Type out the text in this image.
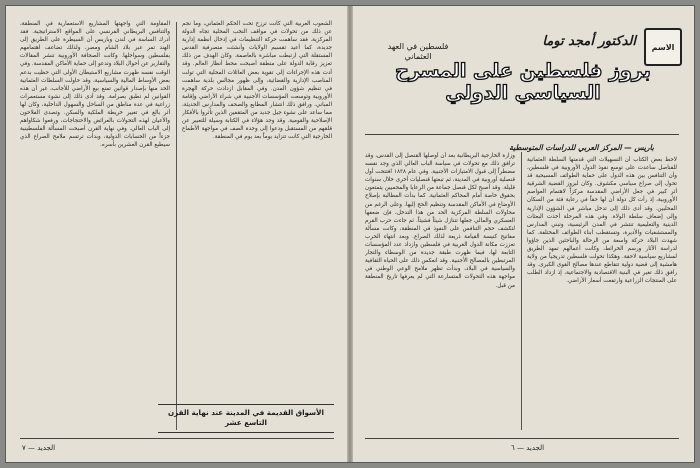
المقاومة التي واجهتها المشاريع الاستعمارية في المنطقة، والتنافس البريطاني الفرنسي على المواقع الاستراتيجية. فقد أدرك الساسة في لندن وباريس أن السيطرة على الطريق إلى الهند تمر عبر بلاد الشام ومصر، ولذلك تضاعف اهتمامهم بفلسطين وسواحلها. وكانت الصحافة الأوروبية تنشر المقالات والتقارير عن أحوال البلاد وتدعو إلى حماية الأماكن المقدسة. وفي الوقت نفسه ظهرت مشاريع الاستيطان الأولى التي حظيت بدعم بعض الأوساط المالية والسياسية، وقد حاولت السلطات العثمانية الحد منها بإصدار قوانين تمنع بيع الأراضي للأجانب، غير أن هذه القوانين لم تطبق بصرامة. وقد أدى ذلك إلى نشوء مستعمرات زراعية في عدة مناطق من الساحل والسهول الداخلية، وكان لها أثر بالغ في تغيير خريطة الملكية والسكن. وتصدى الفلاحون والأعيان لهذه التحولات بالعرائض والاحتجاجات، ورفعوا شكاواهم إلى الباب العالي. وفي نهاية القرن أصبحت المسألة الفلسطينية جزءاً من الحسابات الدولية، وبدأت ترتسم ملامح الصراع الذي سيطبع القرن العشرين بأسره.
الشعوب العربية التي كانت ترزح تحت الحكم العثماني، وما نجم عن ذلك من تحولات في مواقف النخب المحلية تجاه الدولة المركزية. فقد ساهمت حركة التنظيمات في إدخال أنظمة إدارية جديدة، كما أعيد تقسيم الولايات وأنشئت متصرفية القدس المستقلة التي ارتبطت مباشرة بالعاصمة. وكان الهدف من ذلك تعزيز رقابة الدولة على منطقة أصبحت محط أنظار العالم. وقد أدت هذه الإجراءات إلى تقوية بعض العائلات المحلية التي تولت المناصب الإدارية والقضائية، وإلى ظهور مجالس بلدية ساهمت في تنظيم شؤون المدن. وفي المقابل ازدادت حركة الهجرة الأوروبية وتوسعت المؤسسات الأجنبية في شراء الأراضي وإقامة المباني. ورافق ذلك انتشار المطابع والصحف والمدارس الحديثة، مما ساعد على نشوء جيل جديد من المثقفين الذين تأثروا بالأفكار الإصلاحية والقومية. وقد وجد هؤلاء في الكتابة وسيلة للتعبير عن قلقهم من المستقبل ودعوا إلى وحدة الصف في مواجهة الأطماع الخارجية التي كانت تتزايد يوماً بعد يوم في المنطقة.
الأسواق القديمة في المدينة عند نهاية القرن التاسع عشر
الجديد — ٧
الاسم
الدكتور أمجد توما
فلسطين في العهد العثماني
بروز فلسطين على المسرح السياسي الدولي
باريس — المركز العربي للدراسات المتوسطية
لاحظ بعض الكتاب أن التسهيلات التي قدمتها السلطة العثمانية للقناصل ساعدت على توسع نفوذ الدول الأوروبية في فلسطين، وأن التنافس بين هذه الدول على حماية الطوائف المسيحية قد تحول إلى صراع سياسي مكشوف. وكان لبروز القضية الشرقية أثر كبير في جعل الأراضي المقدسة مركزاً لاهتمام العواصم الأوروبية، إذ رأت كل دولة أن لها حقاً في رعاية فئة من السكان المحليين. وقد أدى ذلك إلى تدخل مباشر في الشؤون الإدارية وإلى إضعاف سلطة الولاة. وفي هذه المرحلة أخذت البعثات الدينية والتعليمية تنتشر في المدن الرئيسية، وتبني المدارس والمستشفيات والأديرة، وتستقطب أبناء الطوائف المختلفة. كما شهدت البلاد حركة واسعة من الرحالة والباحثين الذين جاؤوا لدراسة الآثار ورسم الخرائط، وكانت أعمالهم تمهد الطريق لمشاريع سياسية لاحقة. وهكذا تحولت فلسطين تدريجياً من ولاية هامشية إلى قضية دولية تتقاطع عندها مصالح القوى الكبرى. وقد رافق ذلك تغير في البنية الاقتصادية والاجتماعية، إذ ازداد الطلب على المنتجات الزراعية وارتفعت أسعار الأراضي.
وزارة الخارجية البريطانية بعد أن أوصلها القنصل إلى القدس، وقد ترافق ذلك مع تحولات في سياسة الباب العالي الذي وجد نفسه مضطراً إلى قبول الامتيازات الأجنبية. وفي عام ١٨٣٨ افتتحت أول قنصلية أوروبية في المدينة، ثم تبعتها قنصليات أخرى خلال سنوات قليلة. وقد أصبح لكل قنصل جماعة من الرعايا والمحميين يتمتعون بحقوق خاصة أمام المحاكم العثمانية. كما بدأت المطالبة بإصلاح الأوضاع في الأماكن المقدسة وتنظيم الحج إليها. وعلى الرغم من محاولات السلطة المركزية الحد من هذا التدخل، فإن ضعفها العسكري والمالي جعلها تتنازل شيئاً فشيئاً. ثم جاءت حرب القرم لتكشف حجم التنافس على النفوذ في المنطقة، وكانت مسألة مفاتيح كنيسة القيامة ذريعة لذلك الصراع. وبعد انتهاء الحرب تعززت مكانة الدول الغربية في فلسطين وازداد عدد المؤسسات التابعة لها، فيما ظهرت طبقة جديدة من الوسطاء والتجار المرتبطين بالمصالح الأجنبية. وقد انعكس ذلك على الحياة الثقافية والسياسية في البلاد، وبدأت تظهر ملامح الوعي الوطني في مواجهة هذه التحولات المتسارعة التي لم يعرفها تاريخ المنطقة من قبل.
الجديد — ٦
